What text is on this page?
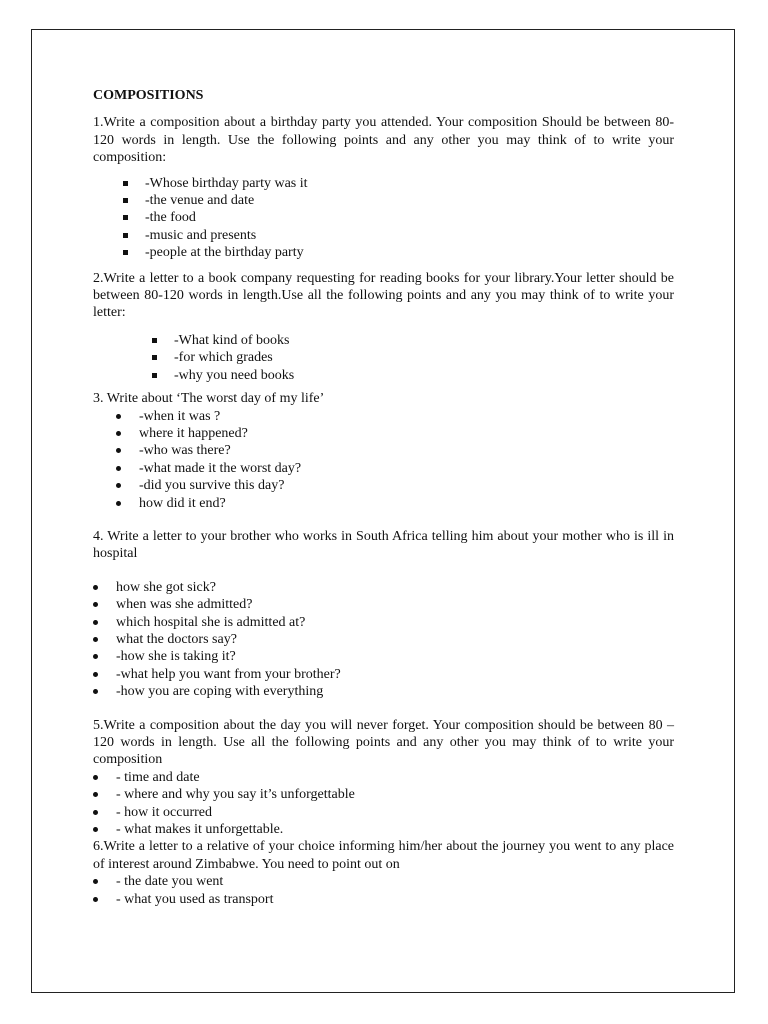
COMPOSITIONS

1.Write a composition about a birthday party you attended. Your composition Should be between 80-120 words in length. Use the following points and any other you may think of to write your composition:

-Whose birthday party was it
-the venue and date
-the food
-music and presents
-people at the birthday party

2.Write a letter to a book company requesting for reading books for your library.Your letter should be between 80-120 words in length.Use all the following points and any you may think of to write your letter:

-What kind of books
-for which grades
-why you need books

3. Write about ‘The worst day of my life’

-when it was ?
where it happened?
-who was there?
-what made it the worst day?
-did you survive this day?
how did it end?

4. Write a letter to your brother who works in South Africa telling him about your mother who is ill in hospital

how she got sick?
when was she admitted?
which hospital she is admitted at?
what the doctors say?
-how she is taking it?
-what help you want from your brother?
-how you are coping with everything

5.Write a composition about the day you will never forget. Your composition should be between 80 – 120 words in length. Use all the following points and any other you may think of to write your composition

- time and date
- where and why you say it’s unforgettable
- how it occurred
- what makes it unforgettable.

6.Write a letter to a relative of your choice informing him/her about the journey you went to any place of interest around Zimbabwe. You need to point out on

- the date you went
- what you used as transport
